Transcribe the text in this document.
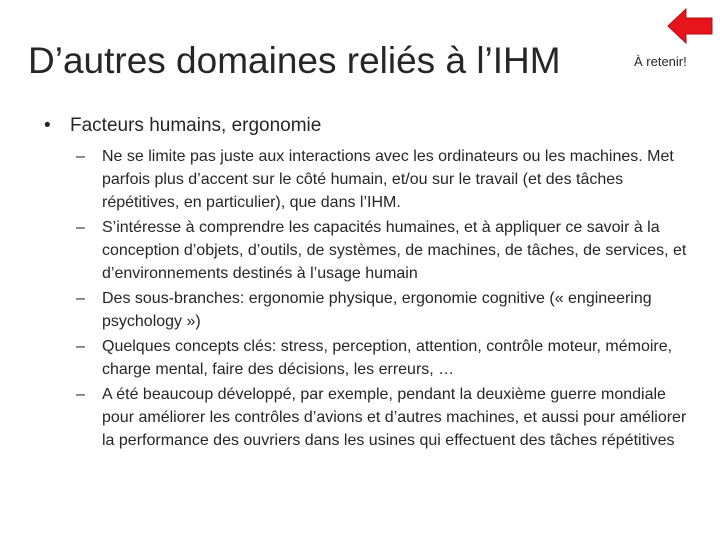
D’autres domaines reliés à l’IHM	À retenir!
•	Facteurs humains, ergonomie
–	Ne se limite pas juste aux interactions avec les ordinateurs ou les machines. Met parfois plus d’accent sur le côté humain, et/ou sur le travail (et des tâches répétitives, en particulier), que dans l’IHM.
–	S’intéresse à comprendre les capacités humaines, et à appliquer ce savoir à la conception d’objets, d’outils, de systèmes, de machines, de tâches, de services, et d’environnements destinés à l’usage humain
–	Des sous-branches: ergonomie physique, ergonomie cognitive (« engineering psychology »)
–	Quelques concepts clés: stress, perception, attention, contrôle moteur, mémoire, charge mental, faire des décisions, les erreurs, …
–	A été beaucoup développé, par exemple, pendant la deuxième guerre mondiale pour améliorer les contrôles d’avions et d’autres machines, et aussi pour améliorer la performance des ouvriers dans les usines qui effectuent des tâches répétitives
